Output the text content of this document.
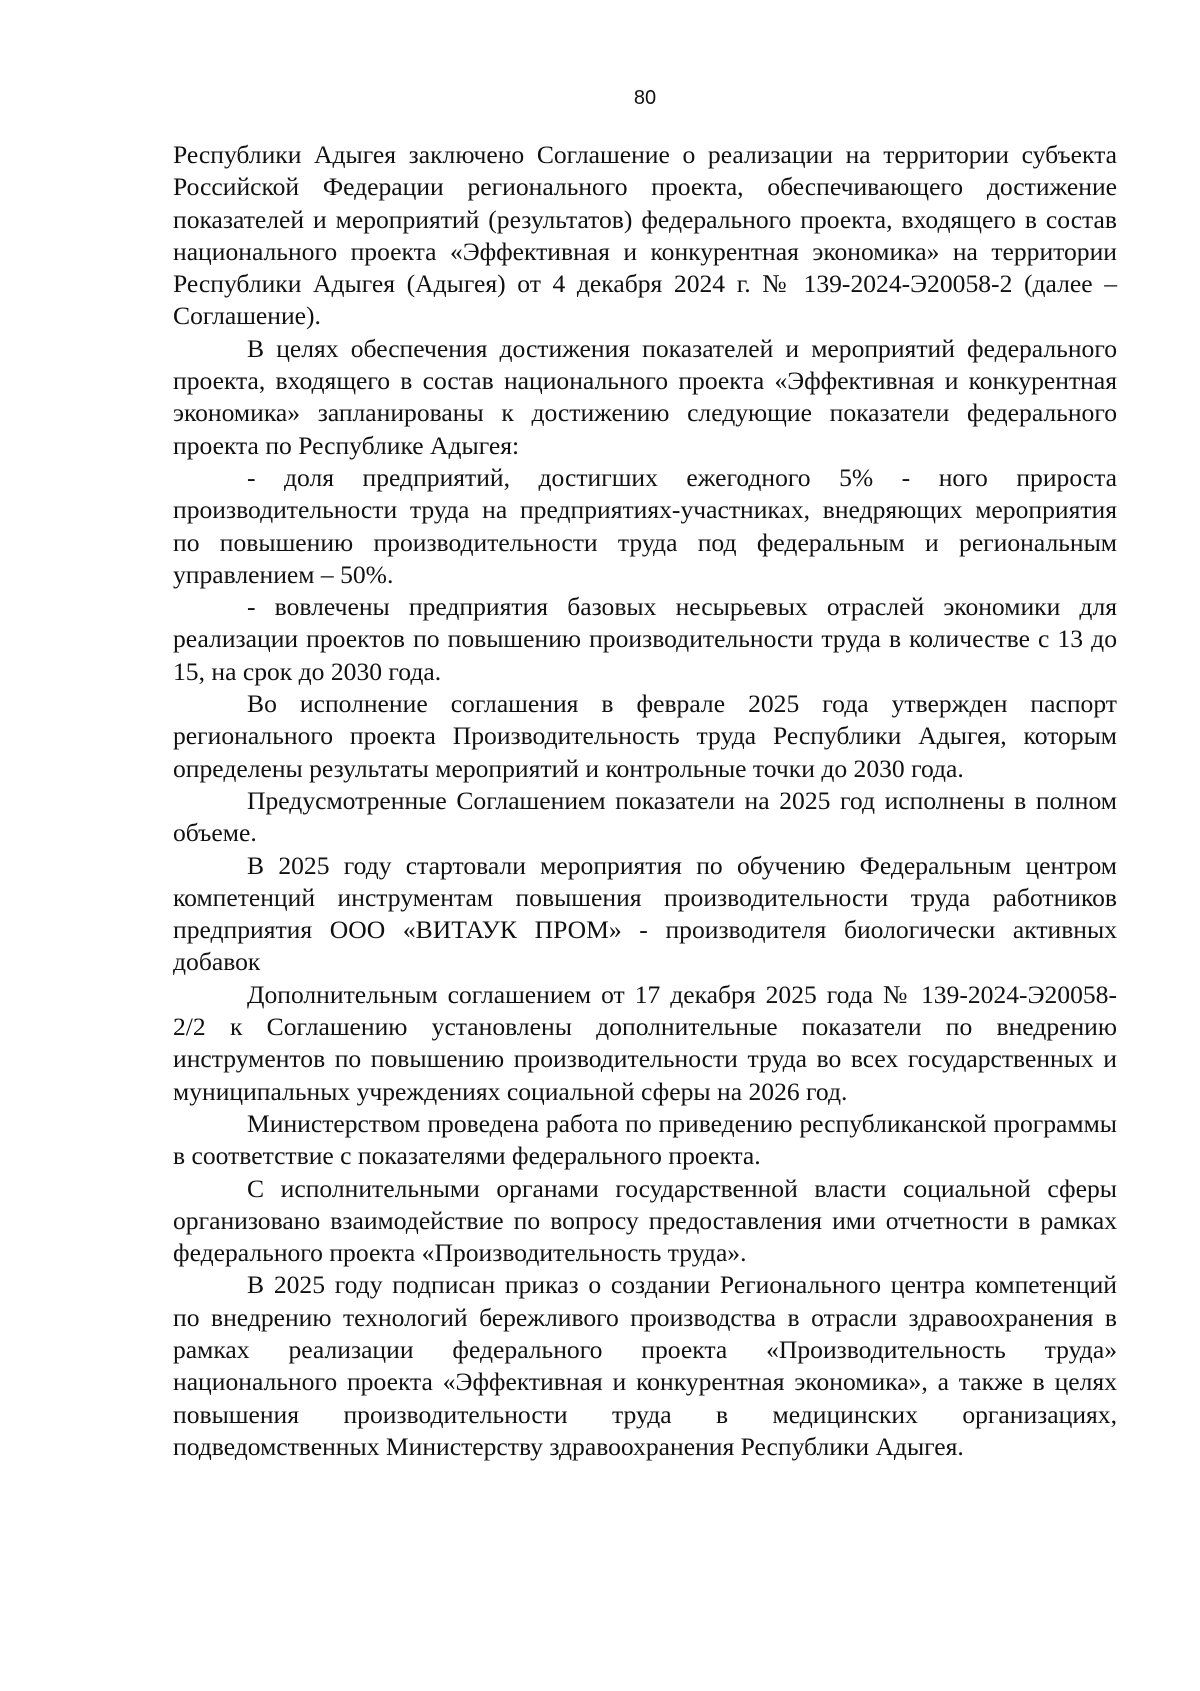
80

Республики Адыгея заключено Соглашение о реализации на территории субъекта Российской Федерации регионального проекта, обеспечивающего достижение показателей и мероприятий (результатов) федерального проекта, входящего в состав национального проекта «Эффективная и конкурентная экономика» на территории Республики Адыгея (Адыгея) от 4 декабря 2024 г. № 139-2024-Э20058-2 (далее – Соглашение).

В целях обеспечения достижения показателей и мероприятий федерального проекта, входящего в состав национального проекта «Эффективная и конкурентная экономика» запланированы к достижению следующие показатели федерального проекта по Республике Адыгея:

- доля предприятий, достигших ежегодного 5% - ного прироста производительности труда на предприятиях-участниках, внедряющих мероприятия по повышению производительности труда под федеральным и региональным управлением – 50%.

- вовлечены предприятия базовых несырьевых отраслей экономики для реализации проектов по повышению производительности труда в количестве с 13 до 15, на срок до 2030 года.

Во исполнение соглашения в феврале 2025 года утвержден паспорт регионального проекта Производительность труда Республики Адыгея, которым определены результаты мероприятий и контрольные точки до 2030 года.

Предусмотренные Соглашением показатели на 2025 год исполнены в полном объеме.

В 2025 году стартовали мероприятия по обучению Федеральным центром компетенций инструментам повышения производительности труда работников предприятия ООО «ВИТАУК ПРОМ» - производителя биологически активных добавок

Дополнительным соглашением от 17 декабря 2025 года № 139-2024-Э20058-2/2 к Соглашению установлены дополнительные показатели по внедрению инструментов по повышению производительности труда во всех государственных и муниципальных учреждениях социальной сферы на 2026 год.

Министерством проведена работа по приведению республиканской программы в соответствие с показателями федерального проекта.

С исполнительными органами государственной власти социальной сферы организовано взаимодействие по вопросу предоставления ими отчетности в рамках федерального проекта «Производительность труда».

В 2025 году подписан приказ о создании Регионального центра компетенций по внедрению технологий бережливого производства в отрасли здравоохранения в рамках реализации федерального проекта «Производительность труда» национального проекта «Эффективная и конкурентная экономика», а также в целях повышения производительности труда в медицинских организациях, подведомственных Министерству здравоохранения Республики Адыгея.
